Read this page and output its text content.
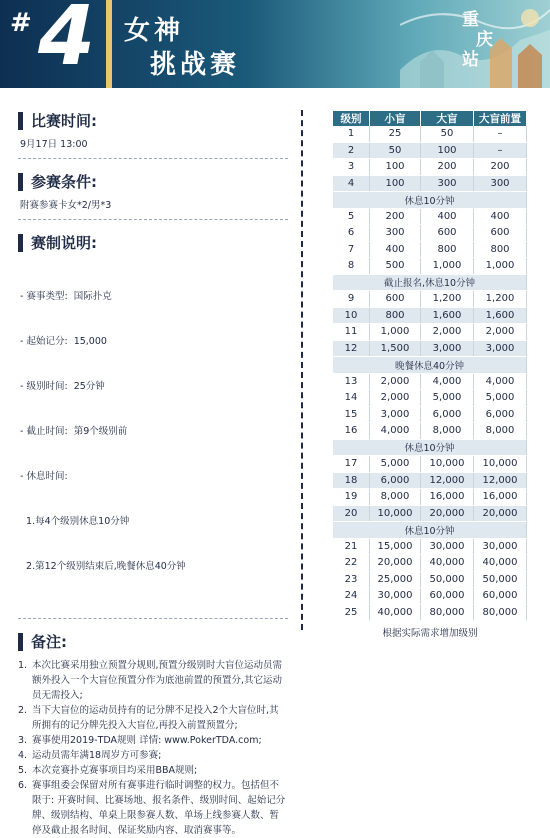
# 4 女神
挑战赛
重
庆
站
比赛时间:
9月17日 13:00
参赛条件:
附赛参赛卡女*2/男*3
赛制说明:

- 赛事类型:  国际扑克

- 起始记分:  15,000

- 级别时间:  25分钟

- 截止时间:  第9个级别前

- 休息时间:

1.每4个级别休息10分钟

2.第12个级别结束后,晚餐休息40分钟

备注:
1. 本次比赛采用独立预置分规则,预置分级别时大盲位运动员需额外投入一个大盲位预置分作为底池前置的预置分,其它运动员无需投入;
2. 当下大盲位的运动员持有的记分牌不足投入2个大盲位时,其所拥有的记分牌先投入大盲位,再投入前置预置分;
3. 赛事使用2019-TDA规则 详情: www.PokerTDA.com;
4. 运动员需年满18周岁方可参赛;
5. 本次竞赛扑克赛事项目均采用BBA规则;
6. 赛事组委会保留对所有赛事进行临时调整的权力。包括但不限于: 开赛时间、比赛场地、报名条件、级别时间、起始记分牌、级别结构、单桌上限参赛人数、单场上线参赛人数、暂停及截止报名时间、保证奖励内容、取消赛事等。
级别	小盲	大盲	大盲前置
1	25	50	–
2	50	100	–
3	100	200	200
4	100	300	300
休息10分钟			
5	200	400	400
6	300	600	600
7	400	800	800
8	500	1,000	1,000
截止报名,休息10分钟			
9	600	1,200	1,200
10	800	1,600	1,600
11	1,000	2,000	2,000
12	1,500	3,000	3,000
晚餐休息40分钟			
13	2,000	4,000	4,000
14	2,000	5,000	5,000
15	3,000	6,000	6,000
16	4,000	8,000	8,000
休息10分钟			
17	5,000	10,000	10,000
18	6,000	12,000	12,000
19	8,000	16,000	16,000
20	10,000	20,000	20,000
休息10分钟			
21	15,000	30,000	30,000
22	20,000	40,000	40,000
23	25,000	50,000	50,000
24	30,000	60,000	60,000
25	40,000	80,000	80,000
根据实际需求增加级别
